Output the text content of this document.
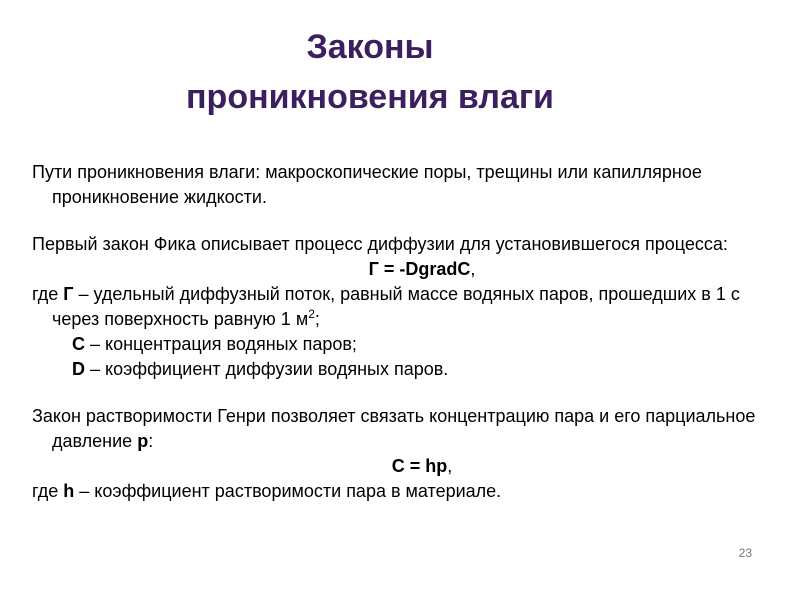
Законы
проникновения влаги

Пути проникновения влаги: макроскопические поры, трещины или капиллярное проникновение жидкости.

Первый закон Фика описывает процесс диффузии для установившегося процесса:

Г = -DgradC,

где Г – удельный диффузный поток, равный массе водяных паров, прошедших в 1 с через поверхность равную 1 $м^2$;

С – концентрация водяных паров;

D – коэффициент диффузии водяных паров.

Закон растворимости Генри позволяет связать концентрацию пара и его парциальное давление р:

С = hp,

где h – коэффициент растворимости пара в материале.

23
